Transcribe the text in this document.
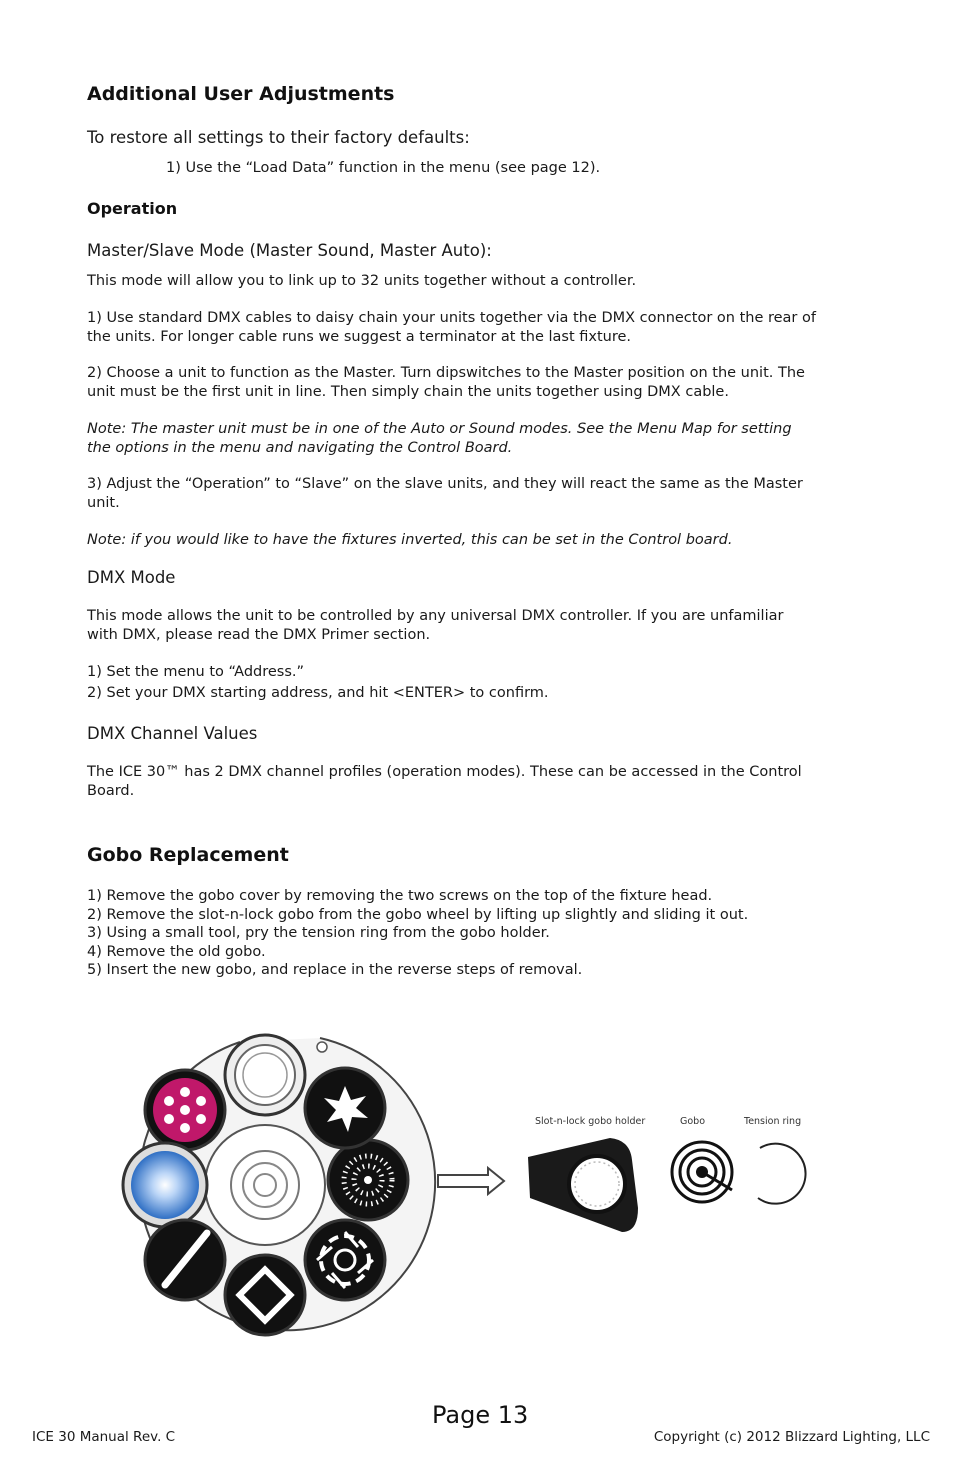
Additional User Adjustments

To restore all settings to their factory defaults:

1) Use the “Load Data” function in the menu (see page 12).

Operation

Master/Slave Mode (Master Sound, Master Auto):

This mode will allow you to link up to 32 units together without a controller.

1) Use standard DMX cables to daisy chain your units together via the DMX connector on the rear of
the units. For longer cable runs we suggest a terminator at the last fixture.
2) Choose a unit to function as the Master. Turn dipswitches to the Master position on the unit. The
unit must be the first unit in line. Then simply chain the units together using DMX cable.
Note: The master unit must be in one of the Auto or Sound modes. See the Menu Map for setting
the options in the menu and navigating the Control Board.
3) Adjust the “Operation” to “Slave” on the slave units, and they will react the same as the Master
unit.

Note: if you would like to have the fixtures inverted, this can be set in the Control board.

DMX Mode

This mode allows the unit to be controlled by any universal DMX controller. If you are unfamiliar
with DMX, please read the DMX Primer section.

1) Set the menu to “Address.”

2) Set your DMX starting address, and hit <ENTER> to confirm.

DMX Channel Values

The ICE 30™ has 2 DMX channel profiles (operation modes). These can be accessed in the Control
Board.
Gobo Replacement
1) Remove the gobo cover by removing the two screws on the top of the fixture head.
2) Remove the slot-n-lock gobo from the gobo wheel by lifting up slightly and sliding it out.
3) Using a small tool, pry the tension ring from the gobo holder.
4) Remove the old gobo.
5) Insert the new gobo, and replace in the reverse steps of removal.
Slot-n-lock gobo holder	Gobo	Tension ring

Page 13

ICE 30 Manual Rev. C	Copyright (c) 2012 Blizzard Lighting, LLC
